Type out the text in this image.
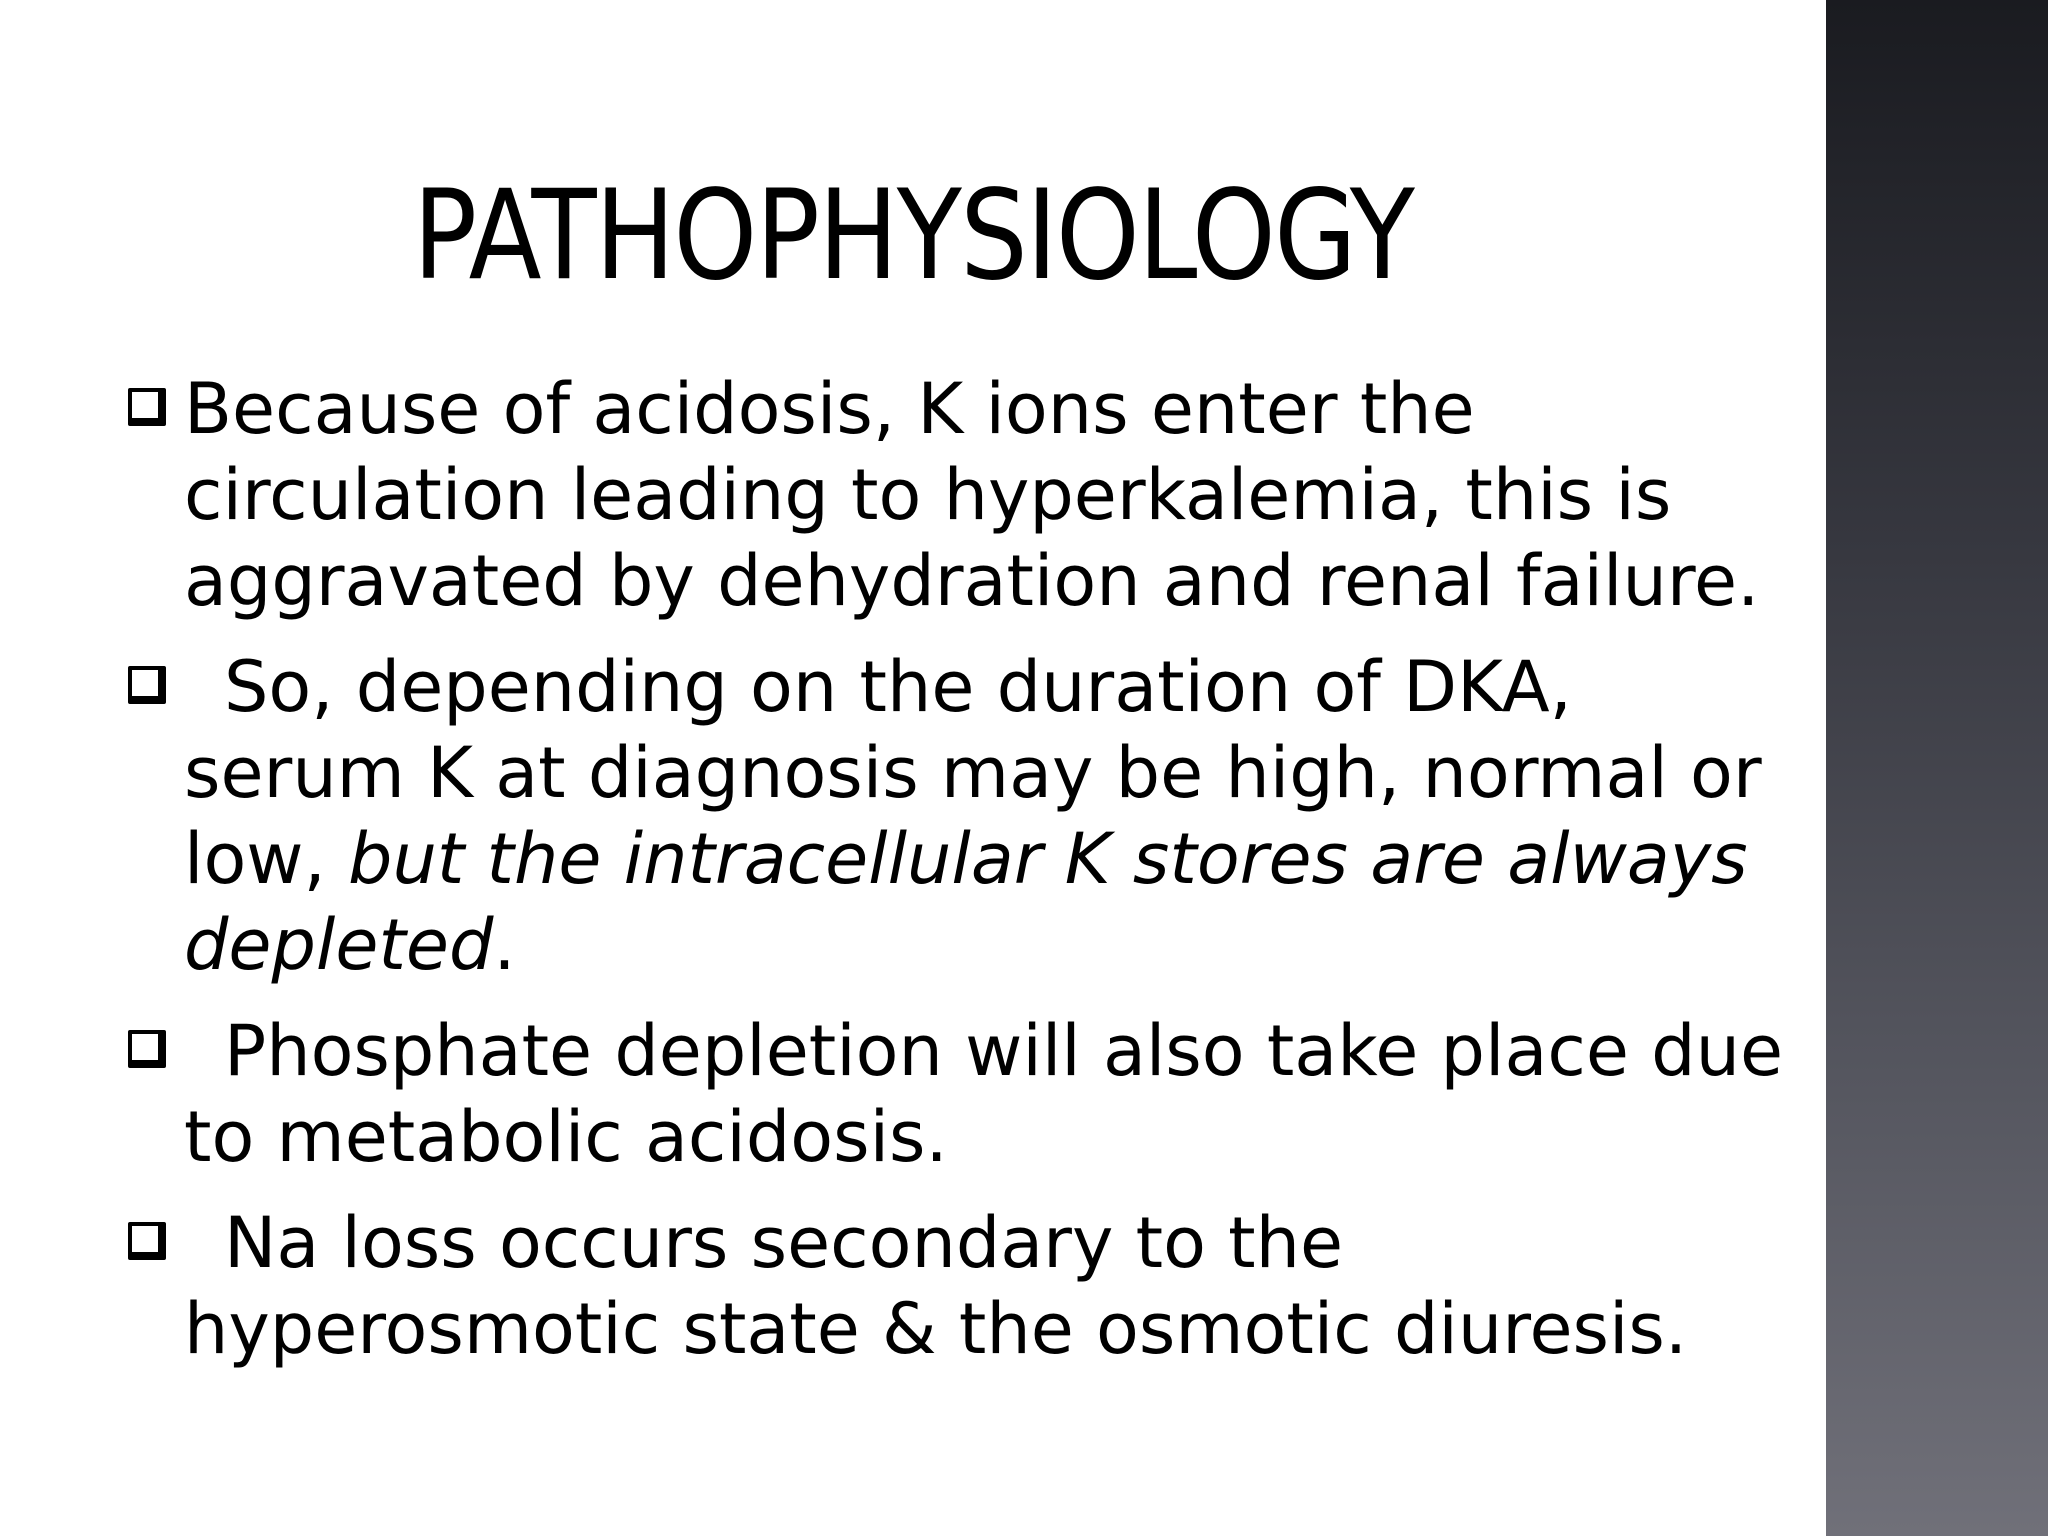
PATHOPHYSIOLOGY
Because of acidosis, K ions enter the circulation leading to hyperkalemia, this is aggravated by dehydration and renal failure.
So, depending on the duration of DKA, serum K at diagnosis may be high, normal or low, but the intracellular K stores are always depleted.
Phosphate depletion will also take place due to metabolic acidosis.
Na loss occurs secondary to the hyperosmotic state & the osmotic diuresis.
